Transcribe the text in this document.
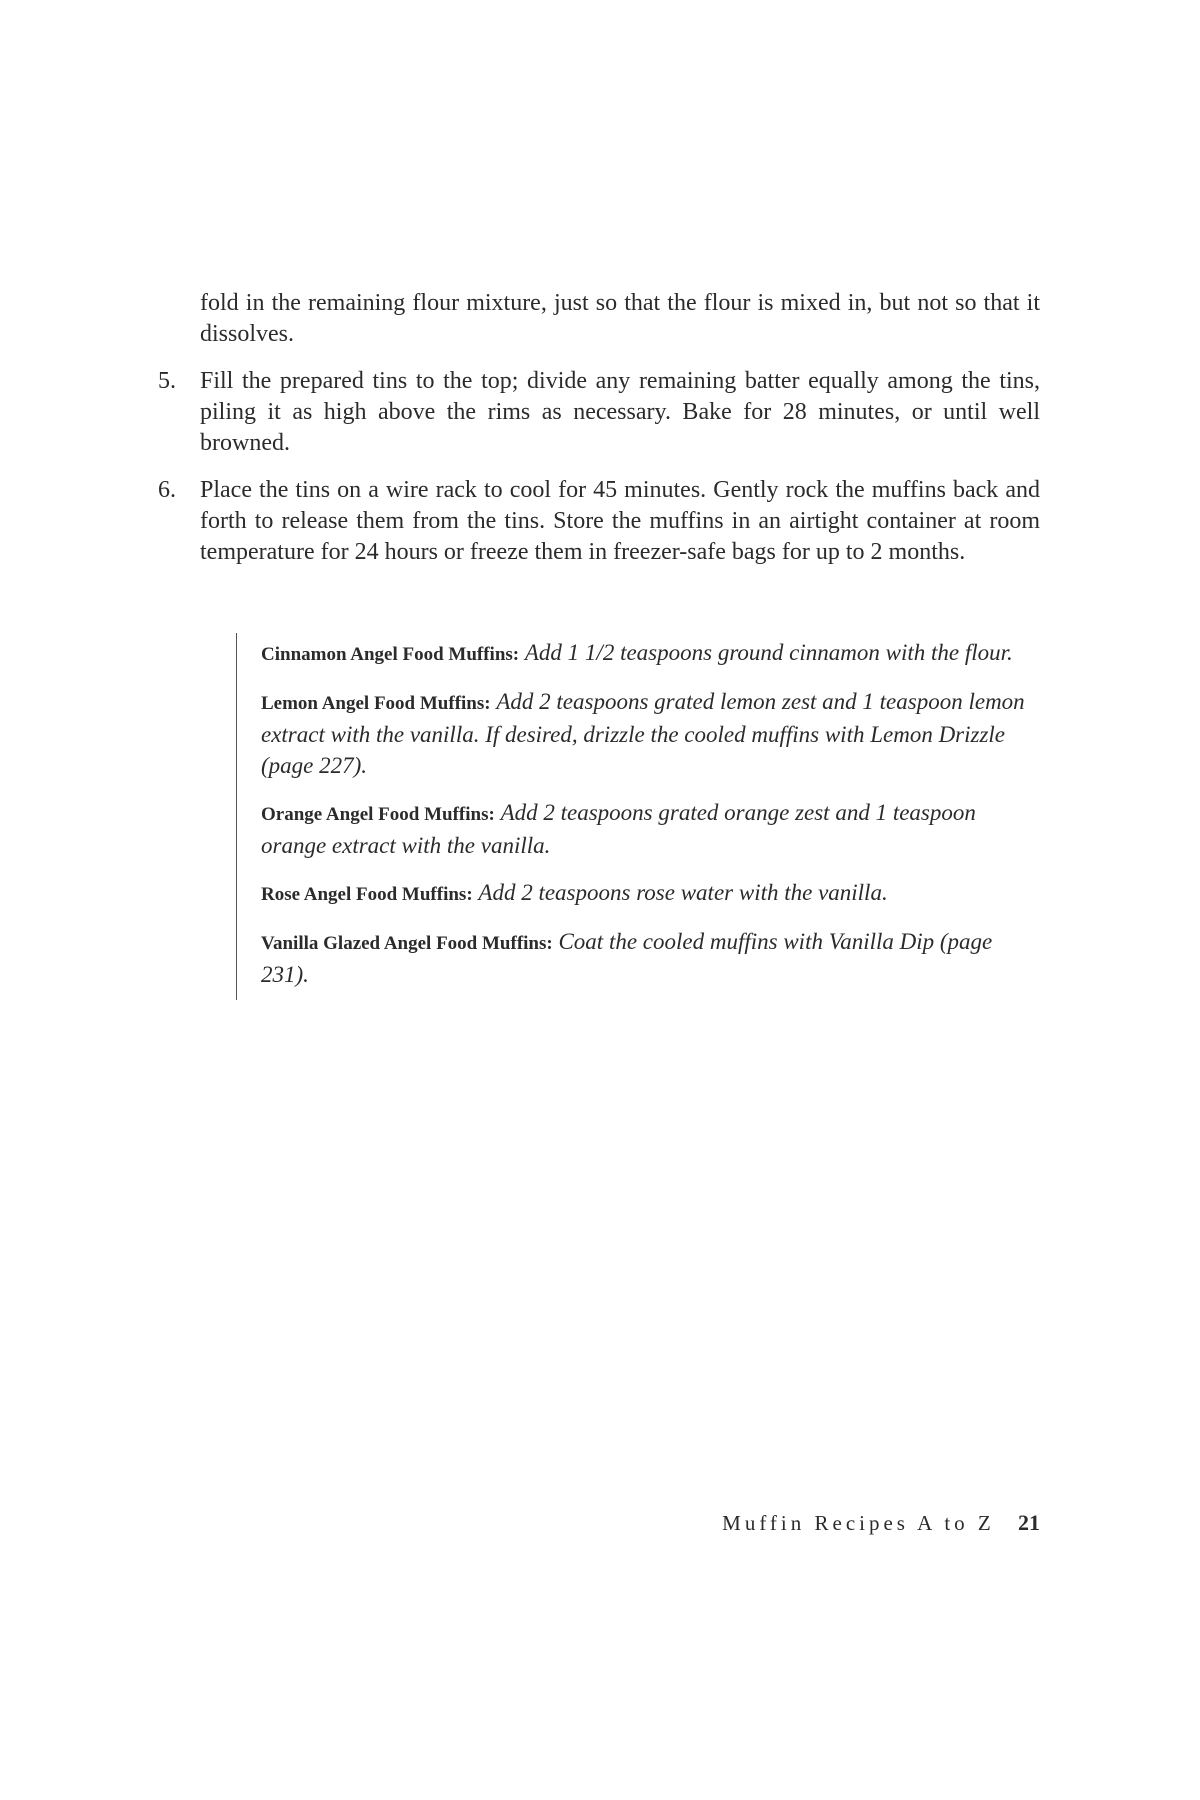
fold in the remaining flour mixture, just so that the flour is mixed in, but not so that it dissolves.

5. Fill the prepared tins to the top; divide any remaining batter equally among the tins, piling it as high above the rims as necessary. Bake for 28 minutes, or until well browned.
6. Place the tins on a wire rack to cool for 45 minutes. Gently rock the muffins back and forth to release them from the tins. Store the muffins in an airtight container at room temperature for 24 hours or freeze them in freezer-safe bags for up to 2 months.

Cinnamon Angel Food Muffins: Add 1 1/2 teaspoons ground cinnamon with the flour.

Lemon Angel Food Muffins: Add 2 teaspoons grated lemon zest and 1 teaspoon lemon extract with the vanilla. If desired, drizzle the cooled muffins with Lemon Drizzle (page 227).

Orange Angel Food Muffins: Add 2 teaspoons grated orange zest and 1 teaspoon orange extract with the vanilla.

Rose Angel Food Muffins: Add 2 teaspoons rose water with the vanilla.

Vanilla Glazed Angel Food Muffins: Coat the cooled muffins with Vanilla Dip (page 231).

Muffin Recipes A to Z 21
